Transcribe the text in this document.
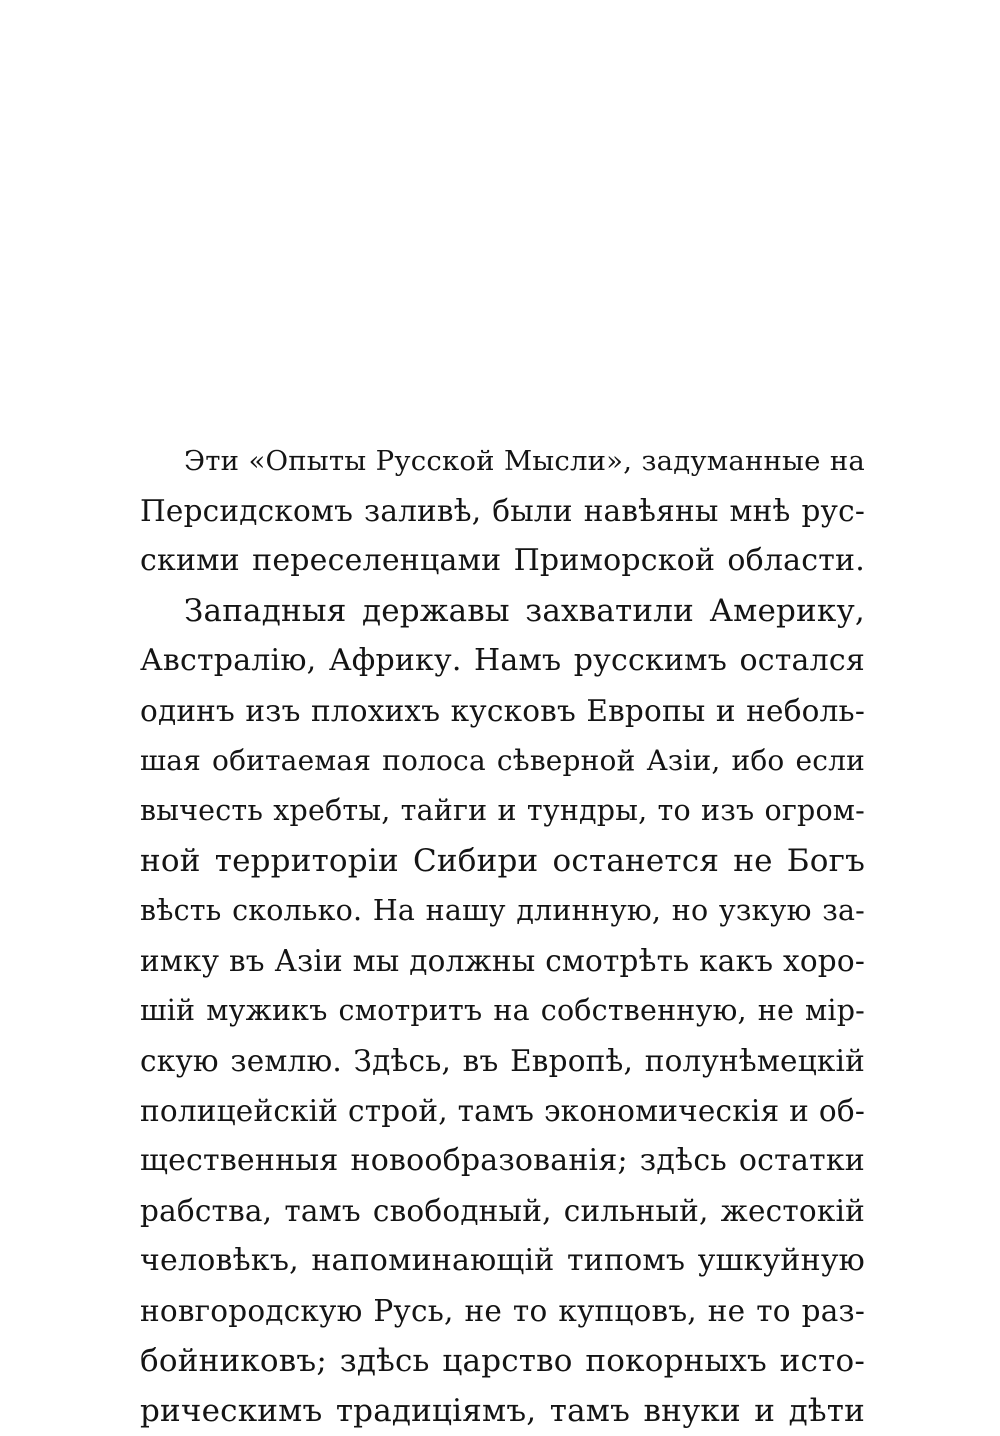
Эти «Опыты Русской Мысли», задуманные на
Персидскомъ заливѣ, были навѣяны мнѣ рус-
скими переселенцами Приморской области.
Западныя державы захватили Америку,
Австралію, Африку. Намъ русскимъ остался
одинъ изъ плохихъ кусковъ Европы и неболь-
шая обитаемая полоса сѣверной Азіи, ибо если
вычесть хребты, тайги и тундры, то изъ огром-
ной территоріи Сибири останется не Богъ
вѣсть сколько. На нашу длинную, но узкую за-
имку въ Азіи мы должны смотрѣть какъ хоро-
шій мужикъ смотритъ на собственную, не мір-
скую землю. Здѣсь, въ Европѣ, полунѣмецкій
полицейскій строй, тамъ экономическія и об-
щественныя новообразованія; здѣсь остатки
рабства, тамъ свободный, сильный, жестокій
человѣкъ, напоминающій типомъ ушкуйную
новгородскую Русь, не то купцовъ, не то раз-
бойниковъ; здѣсь царство покорныхъ исто-
рическимъ традиціямъ, тамъ внуки и дѣти
